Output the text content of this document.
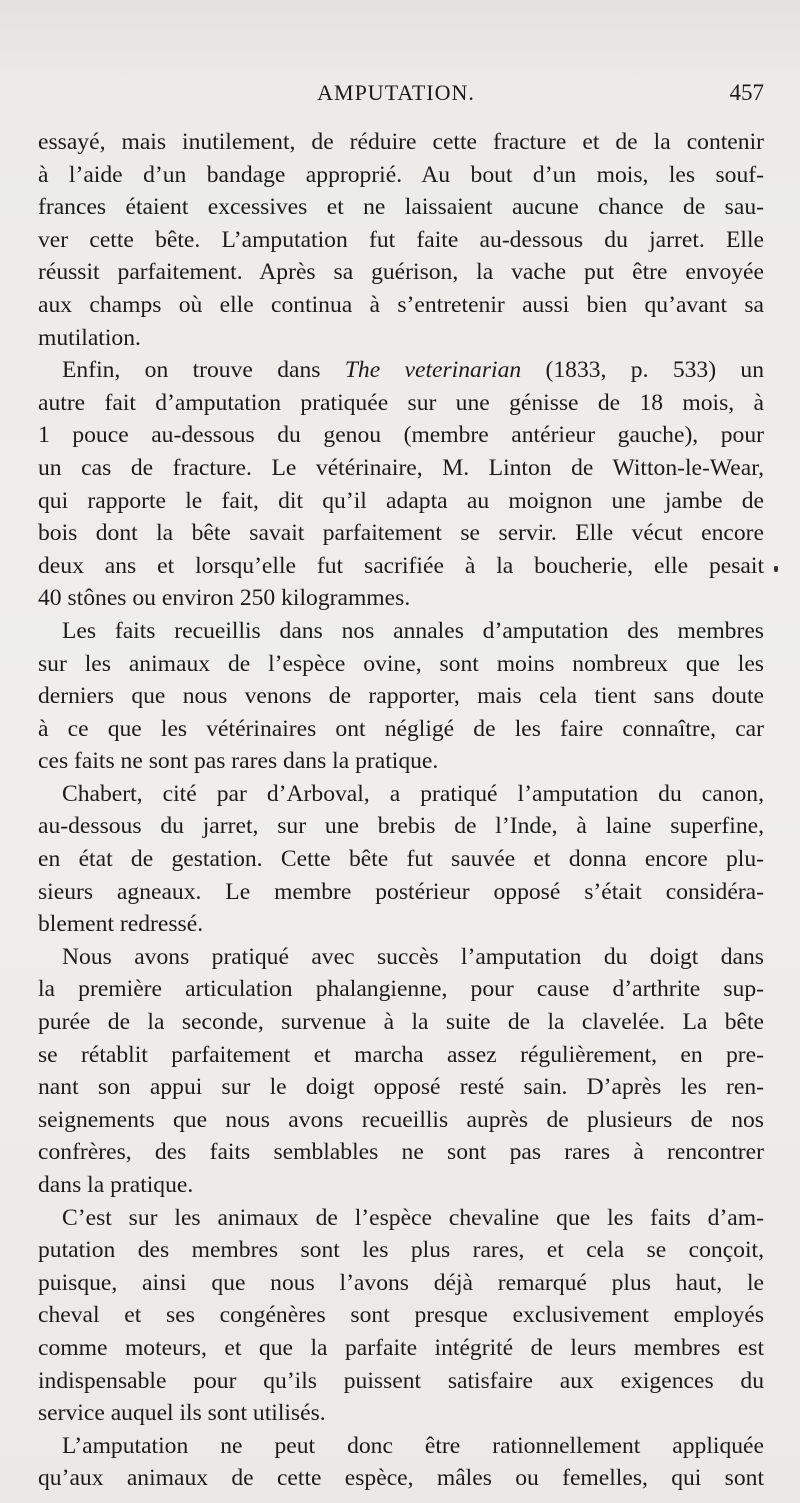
AMPUTATION.	457
essayé, mais inutilement, de réduire cette fracture et de la contenir
à l’aide d’un bandage approprié. Au bout d’un mois, les souf-
frances étaient excessives et ne laissaient aucune chance de sau-
ver cette bête. L’amputation fut faite au-dessous du jarret. Elle
réussit parfaitement. Après sa guérison, la vache put être envoyée
aux champs où elle continua à s’entretenir aussi bien qu’avant sa
mutilation.
Enfin, on trouve dans The veterinarian (1833, p. 533) un
autre fait d’amputation pratiquée sur une génisse de 18 mois, à
1 pouce au-dessous du genou (membre antérieur gauche), pour
un cas de fracture. Le vétérinaire, M. Linton de Witton-le-Wear,
qui rapporte le fait, dit qu’il adapta au moignon une jambe de
bois dont la bête savait parfaitement se servir. Elle vécut encore
deux ans et lorsqu’elle fut sacrifiée à la boucherie, elle pesait
40 stônes ou environ 250 kilogrammes.
Les faits recueillis dans nos annales d’amputation des membres
sur les animaux de l’espèce ovine, sont moins nombreux que les
derniers que nous venons de rapporter, mais cela tient sans doute
à ce que les vétérinaires ont négligé de les faire connaître, car
ces faits ne sont pas rares dans la pratique.
Chabert, cité par d’Arboval, a pratiqué l’amputation du canon,
au-dessous du jarret, sur une brebis de l’Inde, à laine superfine,
en état de gestation. Cette bête fut sauvée et donna encore plu-
sieurs agneaux. Le membre postérieur opposé s’était considéra-
blement redressé.
Nous avons pratiqué avec succès l’amputation du doigt dans
la première articulation phalangienne, pour cause d’arthrite sup-
purée de la seconde, survenue à la suite de la clavelée. La bête
se rétablit parfaitement et marcha assez régulièrement, en pre-
nant son appui sur le doigt opposé resté sain. D’après les ren-
seignements que nous avons recueillis auprès de plusieurs de nos
confrères, des faits semblables ne sont pas rares à rencontrer
dans la pratique.
C’est sur les animaux de l’espèce chevaline que les faits d’am-
putation des membres sont les plus rares, et cela se conçoit,
puisque, ainsi que nous l’avons déjà remarqué plus haut, le
cheval et ses congénères sont presque exclusivement employés
comme moteurs, et que la parfaite intégrité de leurs membres est
indispensable pour qu’ils puissent satisfaire aux exigences du
service auquel ils sont utilisés.
L’amputation ne peut donc être rationnellement appliquée
qu’aux animaux de cette espèce, mâles ou femelles, qui sont
